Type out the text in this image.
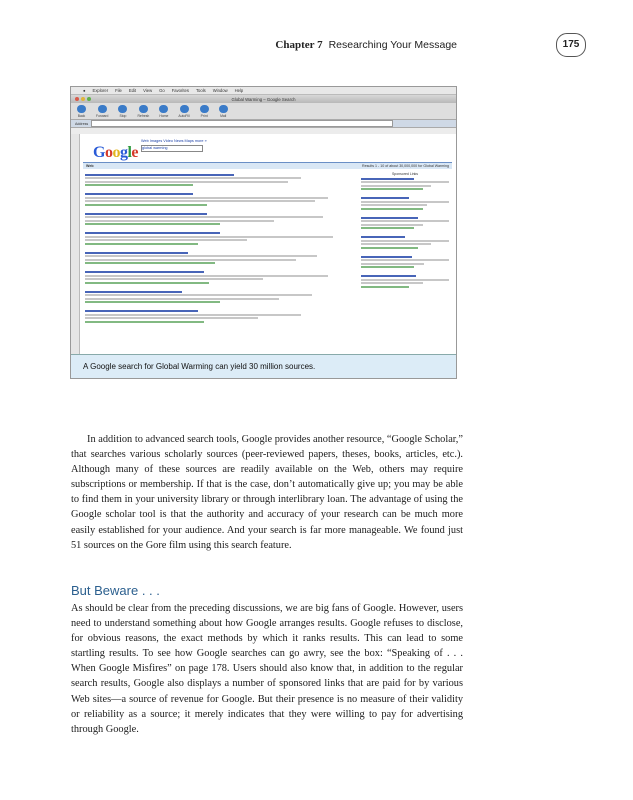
Chapter 7 Researching Your Message	175
● Explorer File Edit View Go Favorites Tools Window Help
Global Warming – Google Search
Back	Forward	Stop	Refresh	Home	AutoFill	Print	Mail
Address
Google
Web Images Video News Maps more »
global warming
Web	Results 1 - 10 of about 30,000,000 for Global Warming
Sponsored Links
A Google search for Global Warming can yield 30 million sources.
In addition to advanced search tools, Google provides another resource, “Google Scholar,” that searches various scholarly sources (peer-reviewed papers, theses, books, articles, etc.). Although many of these sources are readily available on the Web, others may require subscriptions or membership. If that is the case, don’t automatically give up; you may be able to find them in your university library or through interlibrary loan. The advantage of using the Google scholar tool is that the authority and accuracy of your research can be much more easily established for your audience. And your search is far more manageable. We found just 51 sources on the Gore film using this search feature.
But Beware . . .
As should be clear from the preceding discussions, we are big fans of Google. However, users need to understand something about how Google arranges results. Google refuses to disclose, for obvious reasons, the exact methods by which it ranks results. This can lead to some startling results. To see how Google searches can go awry, see the box: “Speaking of . . . When Google Misfires” on page 178. Users should also know that, in addition to the regular search results, Google also displays a number of sponsored links that are paid for by various Web sites—a source of revenue for Google. But their presence is no measure of their validity or reliability as a source; it merely indicates that they were willing to pay for advertising through Google.
